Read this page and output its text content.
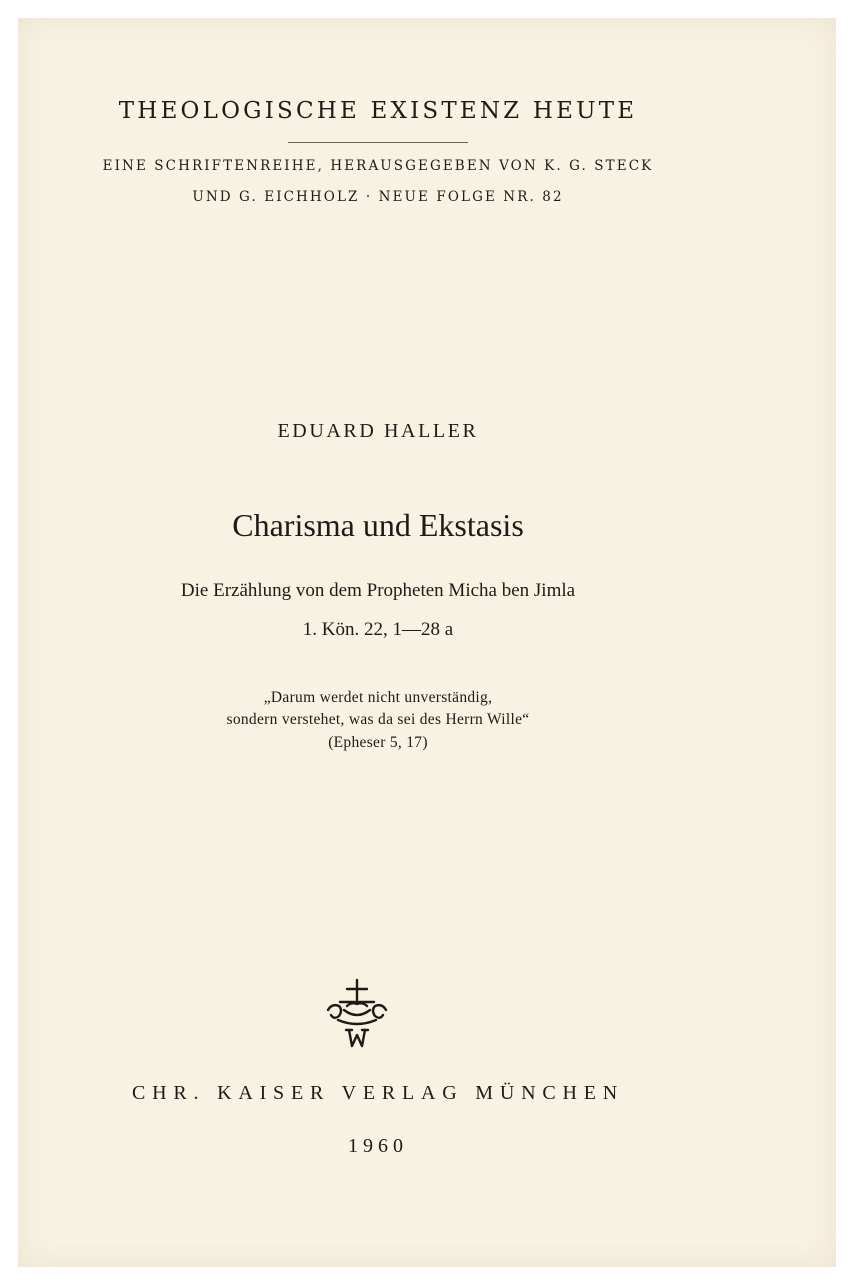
THEOLOGISCHE EXISTENZ HEUTE
EINE SCHRIFTENREIHE, HERAUSGEGEBEN VON K. G. STECK
UND G. EICHHOLZ · NEUE FOLGE NR. 82
EDUARD HALLER
Charisma und Ekstasis
Die Erzählung von dem Propheten Micha ben Jimla
1. Kön. 22, 1—28 a
„Darum werdet nicht unverständig,
sondern verstehet, was da sei des Herrn Wille“
(Epheser 5, 17)
CHR. KAISER VERLAG MÜNCHEN
1960
